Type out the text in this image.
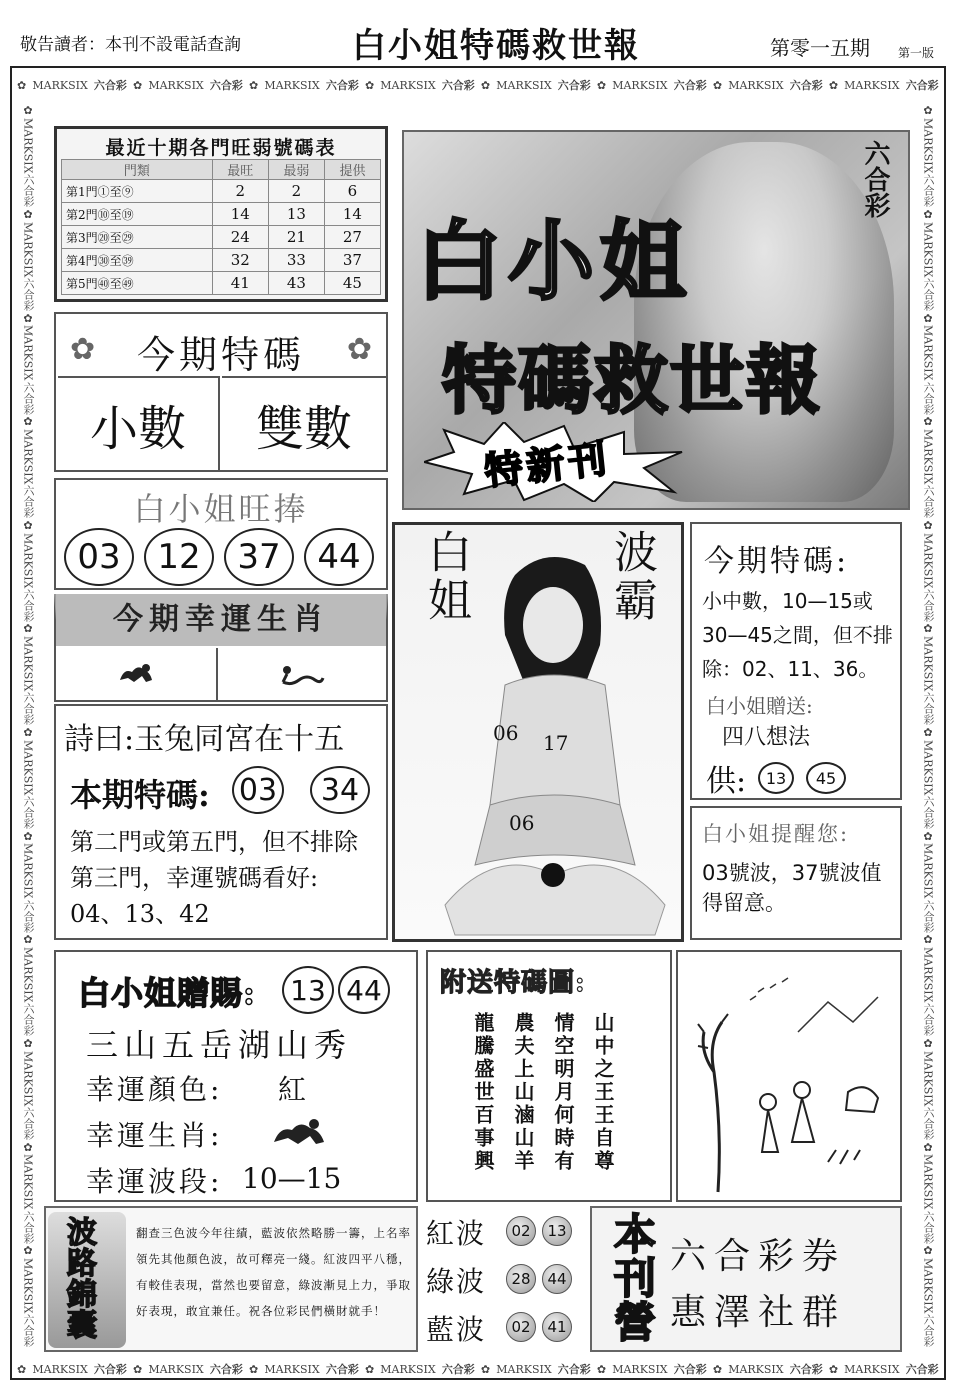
敬告讀者：本刊不設電話查詢	白小姐特碼救世報	第零一五期 第一版
✿ MARKSIX 六合彩 ✿ MARKSIX 六合彩 ✿ MARKSIX 六合彩 ✿ MARKSIX 六合彩 ✿ MARKSIX 六合彩 ✿ MARKSIX 六合彩 ✿ MARKSIX 六合彩 ✿ MARKSIX 六合彩
✿ MARKSIX 六合彩 ✿ MARKSIX 六合彩 ✿ MARKSIX 六合彩 ✿ MARKSIX 六合彩 ✿ MARKSIX 六合彩 ✿ MARKSIX 六合彩 ✿ MARKSIX 六合彩 ✿ MARKSIX 六合彩
✿
MARKSIX
六合彩
✿
MARKSIX
六合彩
✿
MARKSIX
六合彩
✿
MARKSIX
六合彩
✿
MARKSIX
六合彩
✿
MARKSIX
六合彩
✿
MARKSIX
六合彩
✿
MARKSIX
六合彩
✿
MARKSIX
六合彩
✿
MARKSIX
六合彩
✿
MARKSIX
六合彩
✿
MARKSIX
六合彩
✿
MARKSIX
六合彩
✿
MARKSIX
六合彩
✿
MARKSIX
六合彩
✿
MARKSIX
六合彩
✿
MARKSIX
六合彩
✿
MARKSIX
六合彩
✿
MARKSIX
六合彩
✿
MARKSIX
六合彩
✿
MARKSIX
六合彩
✿
MARKSIX
六合彩
✿
MARKSIX
六合彩
✿
MARKSIX
六合彩
最近十期各門旺弱號碼表
門類	最旺	最弱	提供
第1門①至⑨	2	2	6
第2門⑩至⑲	14	13	14
第3門⑳至㉙	24	21	27
第4門㉚至㊴	32	33	37
第5門㊵至㊾	41	43	45
✿	今期特碼	✿
小數	雙數
白小姐旺捧
03	12	37	44
今期幸運生肖
詩曰:玉兔同宮在十五
本期特碼: 03	34
第二門或第五門，但不排除第三門，幸運號碼看好: 04、13、42
六合彩
白小姐
特碼救世報
特新刊
白姐	波霸
06 17
06
今期特碼:
小中數，10—15或30—45之間，但不排除：02、11、36。
白小姐贈送:
四八想法
供:	13	45
白小姐提醒您:
03號波，37號波值得留意。
白小姐贈賜: 13 44
三山五岳湖山秀
幸運顏色: 紅
幸運生肖:
幸運波段: 10—15
附送特碼圖:
山中之王王自尊
情空明月何時有
農夫上山滷山羊
龍騰盛世百事興
波路錦囊	翻查三色波今年往績，藍波依然略勝一籌，上名率領先其他顏色波，故可釋亮一綫。紅波四平八穩，有較佳表現，當然也要留意，綠波漸見上力，爭取好表現，敢宜兼任。祝各位彩民們橫財就手！
紅波	02	13
綠波	28	44
藍波	02	41 本刊營 六合彩券
惠澤社群
